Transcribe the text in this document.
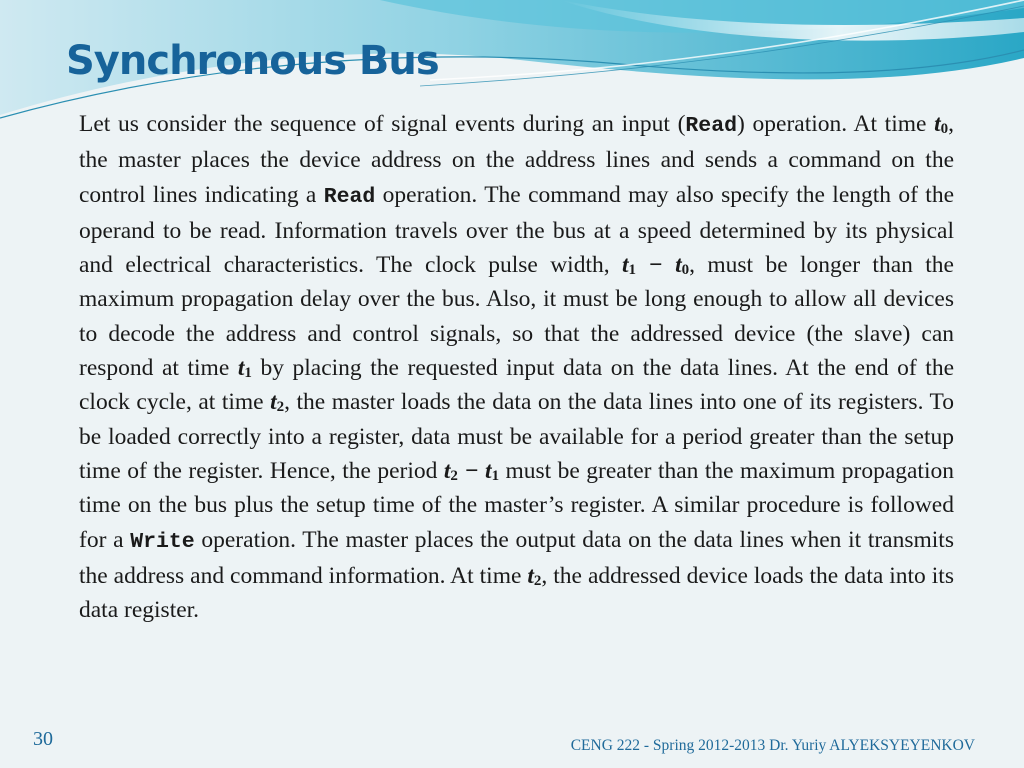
Synchronous Bus

Let us consider the sequence of signal events during an input (Read) operation. At time $t_0$, the master places the device address on the address lines and sends a command on the control lines indicating a Read operation. The command may also specify the length of the operand to be read. Information travels over the bus at a speed determined by its physical and electrical characteristics. The clock pulse width, $t_1 - t_0$, must be longer than the maximum propagation delay over the bus. Also, it must be long enough to allow all devices to decode the address and control signals, so that the addressed device (the slave) can respond at time $t_1$ by placing the requested input data on the data lines. At the end of the clock cycle, at time $t_2$, the master loads the data on the data lines into one of its registers. To be loaded correctly into a register, data must be available for a period greater than the setup time of the register. Hence, the period $t_2 - t_1$ must be greater than the maximum propagation time on the bus plus the setup time of the master’s register. A similar procedure is followed for a Write operation. The master places the output data on the data lines when it transmits the address and command information. At time $t_2$, the addressed device loads the data into its data register.

30	CENG 222 - Spring 2012-2013 Dr. Yuriy ALYEKSYEYENKOV
